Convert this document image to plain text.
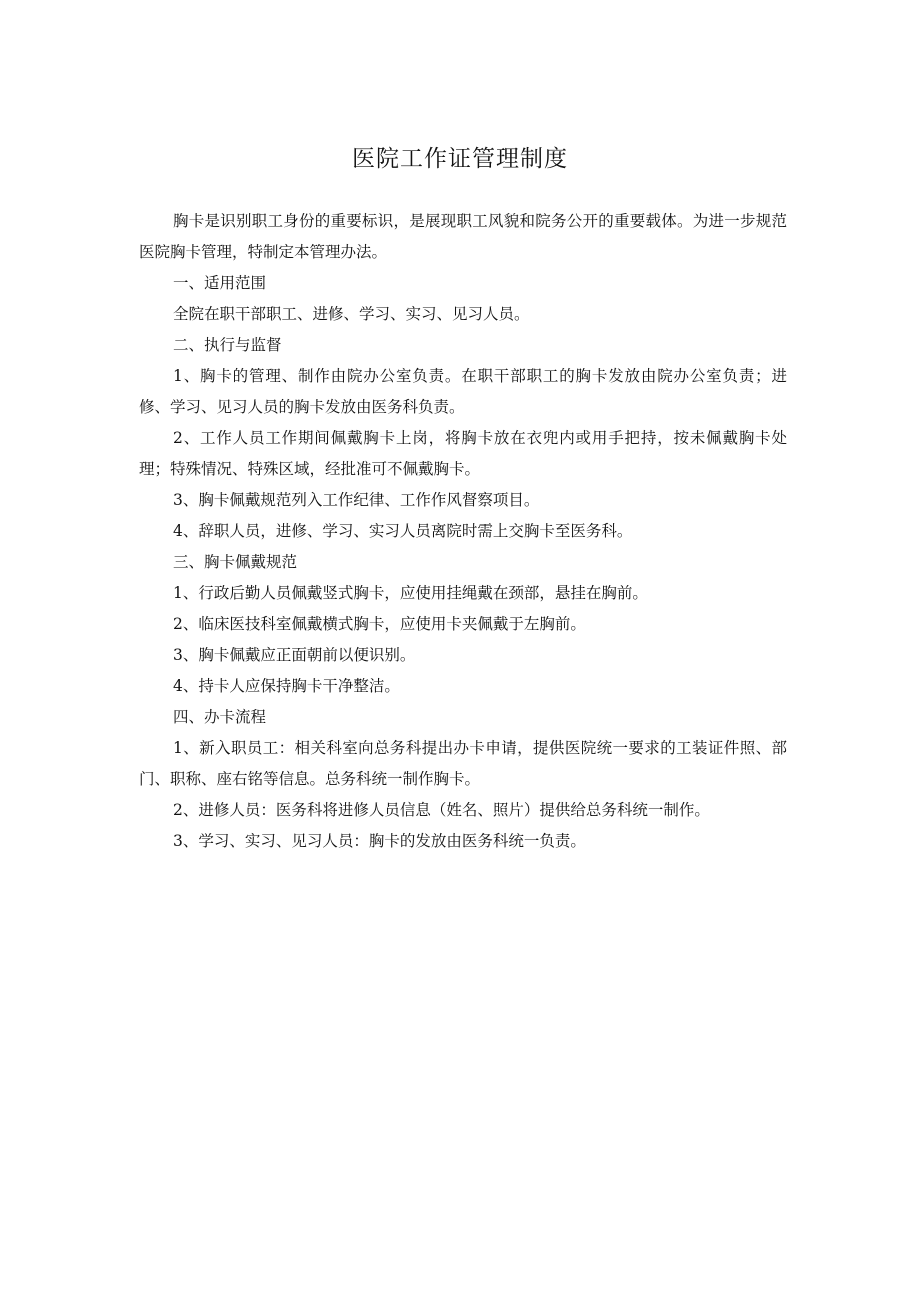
医院工作证管理制度

胸卡是识别职工身份的重要标识，是展现职工风貌和院务公开的重要载体。为进一步规范医院胸卡管理，特制定本管理办法。

一、适用范围

全院在职干部职工、进修、学习、实习、见习人员。

二、执行与监督

1、胸卡的管理、制作由院办公室负责。在职干部职工的胸卡发放由院办公室负责；进修、学习、见习人员的胸卡发放由医务科负责。

2、工作人员工作期间佩戴胸卡上岗，将胸卡放在衣兜内或用手把持，按未佩戴胸卡处理；特殊情况、特殊区域，经批准可不佩戴胸卡。

3、胸卡佩戴规范列入工作纪律、工作作风督察项目。

4、辞职人员，进修、学习、实习人员离院时需上交胸卡至医务科。

三、胸卡佩戴规范

1、行政后勤人员佩戴竖式胸卡，应使用挂绳戴在颈部，悬挂在胸前。

2、临床医技科室佩戴横式胸卡，应使用卡夹佩戴于左胸前。

3、胸卡佩戴应正面朝前以便识别。

4、持卡人应保持胸卡干净整洁。

四、办卡流程

1、新入职员工：相关科室向总务科提出办卡申请，提供医院统一要求的工装证件照、部门、职称、座右铭等信息。总务科统一制作胸卡。

2、进修人员：医务科将进修人员信息（姓名、照片）提供给总务科统一制作。

3、学习、实习、见习人员：胸卡的发放由医务科统一负责。
